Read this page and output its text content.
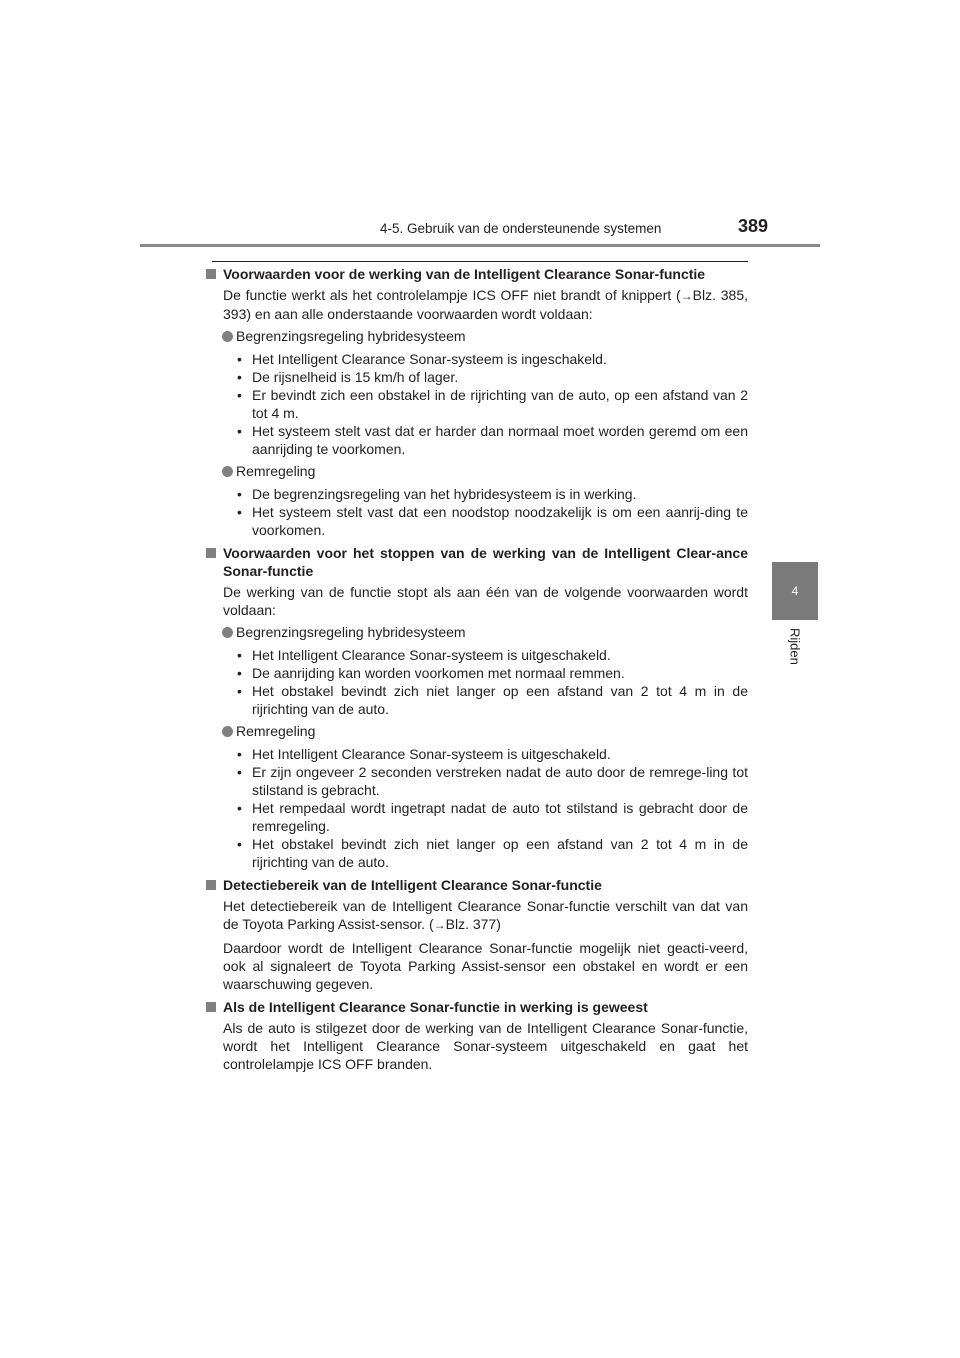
4-5. Gebruik van de ondersteunende systemen	389
4
Rijden

Voorwaarden voor de werking van de Intelligent Clearance Sonar-functie

De functie werkt als het controlelampje ICS OFF niet brandt of knippert (→Blz. 385, 393) en aan alle onderstaande voorwaarden wordt voldaan:

Begrenzingsregeling hybridesysteem

• Het Intelligent Clearance Sonar-systeem is ingeschakeld.

• De rijsnelheid is 15 km/h of lager.

• Er bevindt zich een obstakel in de rijrichting van de auto, op een afstand van 2 tot 4 m.

• Het systeem stelt vast dat er harder dan normaal moet worden geremd om een aanrijding te voorkomen.

Remregeling

• De begrenzingsregeling van het hybridesysteem is in werking.

• Het systeem stelt vast dat een noodstop noodzakelijk is om een aanrij-ding te voorkomen.

Voorwaarden voor het stoppen van de werking van de Intelligent Clear-ance Sonar-functie

De werking van de functie stopt als aan één van de volgende voorwaarden wordt voldaan:

Begrenzingsregeling hybridesysteem

• Het Intelligent Clearance Sonar-systeem is uitgeschakeld.

• De aanrijding kan worden voorkomen met normaal remmen.

• Het obstakel bevindt zich niet langer op een afstand van 2 tot 4 m in de rijrichting van de auto.

Remregeling

• Het Intelligent Clearance Sonar-systeem is uitgeschakeld.

• Er zijn ongeveer 2 seconden verstreken nadat de auto door de remrege-ling tot stilstand is gebracht.

• Het rempedaal wordt ingetrapt nadat de auto tot stilstand is gebracht door de remregeling.

• Het obstakel bevindt zich niet langer op een afstand van 2 tot 4 m in de rijrichting van de auto.

Detectiebereik van de Intelligent Clearance Sonar-functie

Het detectiebereik van de Intelligent Clearance Sonar-functie verschilt van dat van de Toyota Parking Assist-sensor. (→Blz. 377)

Daardoor wordt de Intelligent Clearance Sonar-functie mogelijk niet geacti-veerd, ook al signaleert de Toyota Parking Assist-sensor een obstakel en wordt er een waarschuwing gegeven.

Als de Intelligent Clearance Sonar-functie in werking is geweest

Als de auto is stilgezet door de werking van de Intelligent Clearance Sonar-functie, wordt het Intelligent Clearance Sonar-systeem uitgeschakeld en gaat het controlelampje ICS OFF branden.
